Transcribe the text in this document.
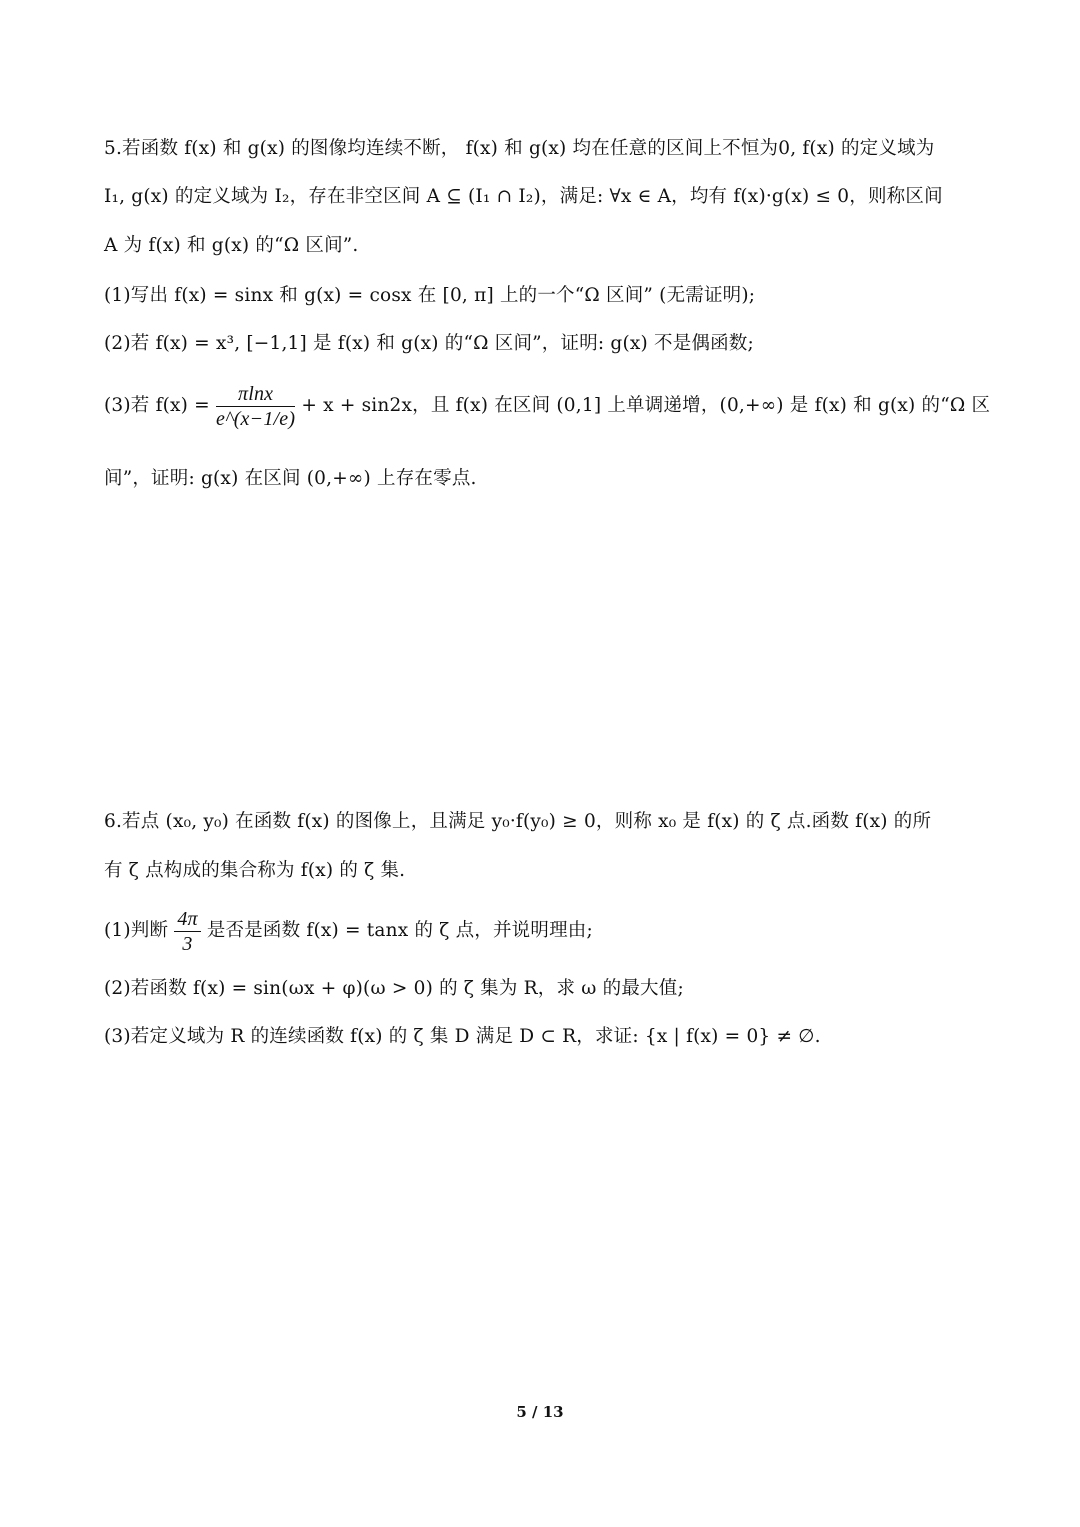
5.若函数 f(x) 和 g(x) 的图像均连续不断， f(x) 和 g(x) 均在任意的区间上不恒为0, f(x) 的定义域为
I₁, g(x) 的定义域为 I₂，存在非空区间 A ⊆ (I₁ ∩ I₂)，满足: ∀x ∈ A，均有 f(x)·g(x) ≤ 0，则称区间
A 为 f(x) 和 g(x) 的“Ω 区间”.
(1)写出 f(x) = sinx 和 g(x) = cosx 在 [0, π] 上的一个“Ω 区间” (无需证明);
(2)若 f(x) = x³, [−1,1] 是 f(x) 和 g(x) 的“Ω 区间”，证明: g(x) 不是偶函数;
(3)若 $f(x) = \frac{\pi\ln x}{e\^{}(x-1/e)} + x + \sin 2x$，且 f(x) 在区间 (0,1] 上单调递增，(0,+∞) 是 f(x) 和 g(x) 的“Ω 区
间”，证明: g(x) 在区间 (0,+∞) 上存在零点.
6.若点 (x₀, y₀) 在函数 f(x) 的图像上，且满足 y₀·f(y₀) ≥ 0，则称 x₀ 是 f(x) 的 ζ 点.函数 f(x) 的所
有 ζ 点构成的集合称为 f(x) 的 ζ 集.
(1)判断 $\frac{4\pi}{3}$ 是否是函数 f(x) = tanx 的 ζ 点，并说明理由;
(2)若函数 f(x) = sin(ωx + φ)(ω > 0) 的 ζ 集为 R，求 ω 的最大值;
(3)若定义域为 R 的连续函数 f(x) 的 ζ 集 D 满足 D ⊂ R，求证: {x | f(x) = 0} ≠ ∅.
5 / 13
